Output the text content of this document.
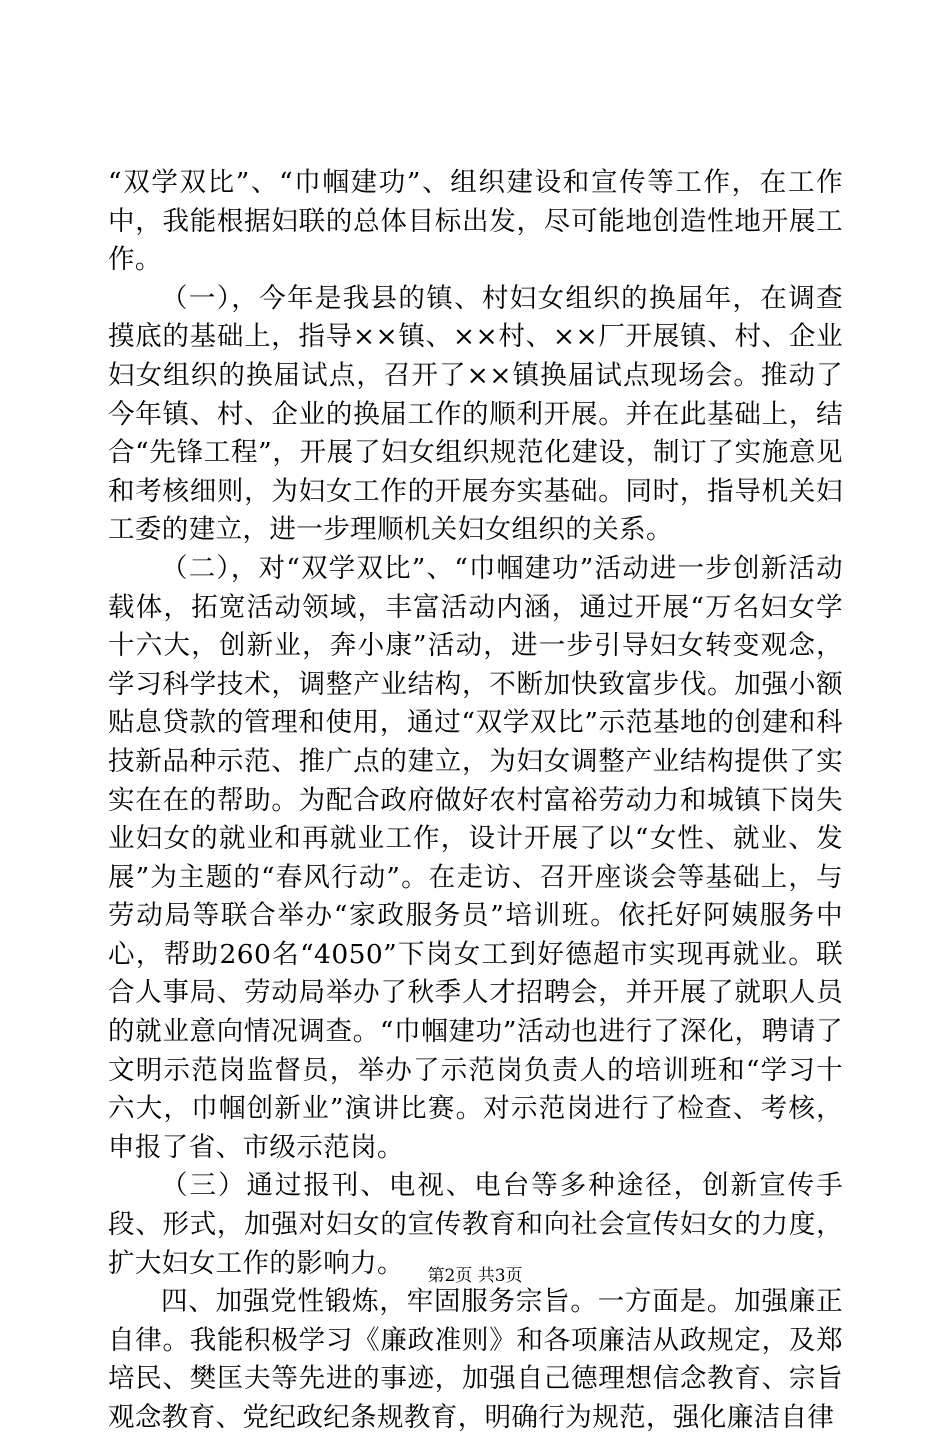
“双学双比”、“巾帼建功”、组织建设和宣传等工作，在工作中，我能根据妇联的总体目标出发，尽可能地创造性地开展工作。

（一），今年是我县的镇、村妇女组织的换届年，在调查摸底的基础上，指导××镇、××村、××厂开展镇、村、企业妇女组织的换届试点，召开了××镇换届试点现场会。推动了今年镇、村、企业的换届工作的顺利开展。并在此基础上，结合“先锋工程”，开展了妇女组织规范化建设，制订了实施意见和考核细则，为妇女工作的开展夯实基础。同时，指导机关妇工委的建立，进一步理顺机关妇女组织的关系。

（二），对“双学双比”、“巾帼建功”活动进一步创新活动载体，拓宽活动领域，丰富活动内涵，通过开展“万名妇女学十六大，创新业，奔小康”活动，进一步引导妇女转变观念，学习科学技术，调整产业结构，不断加快致富步伐。加强小额贴息贷款的管理和使用，通过“双学双比”示范基地的创建和科技新品种示范、推广点的建立，为妇女调整产业结构提供了实实在在的帮助。为配合政府做好农村富裕劳动力和城镇下岗失业妇女的就业和再就业工作，设计开展了以“女性、就业、发展”为主题的“春风行动”。在走访、召开座谈会等基础上，与劳动局等联合举办“家政服务员”培训班。依托好阿姨服务中心，帮助260名“4050”下岗女工到好德超市实现再就业。联合人事局、劳动局举办了秋季人才招聘会，并开展了就职人员的就业意向情况调查。“巾帼建功”活动也进行了深化，聘请了文明示范岗监督员，举办了示范岗负责人的培训班和“学习十六大，巾帼创新业”演讲比赛。对示范岗进行了检查、考核，申报了省、市级示范岗。

（三）通过报刊、电视、电台等多种途径，创新宣传手段、形式，加强对妇女的宣传教育和向社会宣传妇女的力度，扩大妇女工作的影响力。

四、加强党性锻炼，牢固服务宗旨。一方面是。加强廉正自律。我能积极学习《廉政准则》和各项廉洁从政规定，及郑培民、樊匡夫等先进的事迹，加强自己德理想信念教育、宗旨观念教育、党纪政纪条规教育，明确行为规范，强化廉洁自律

第2页 共3页
